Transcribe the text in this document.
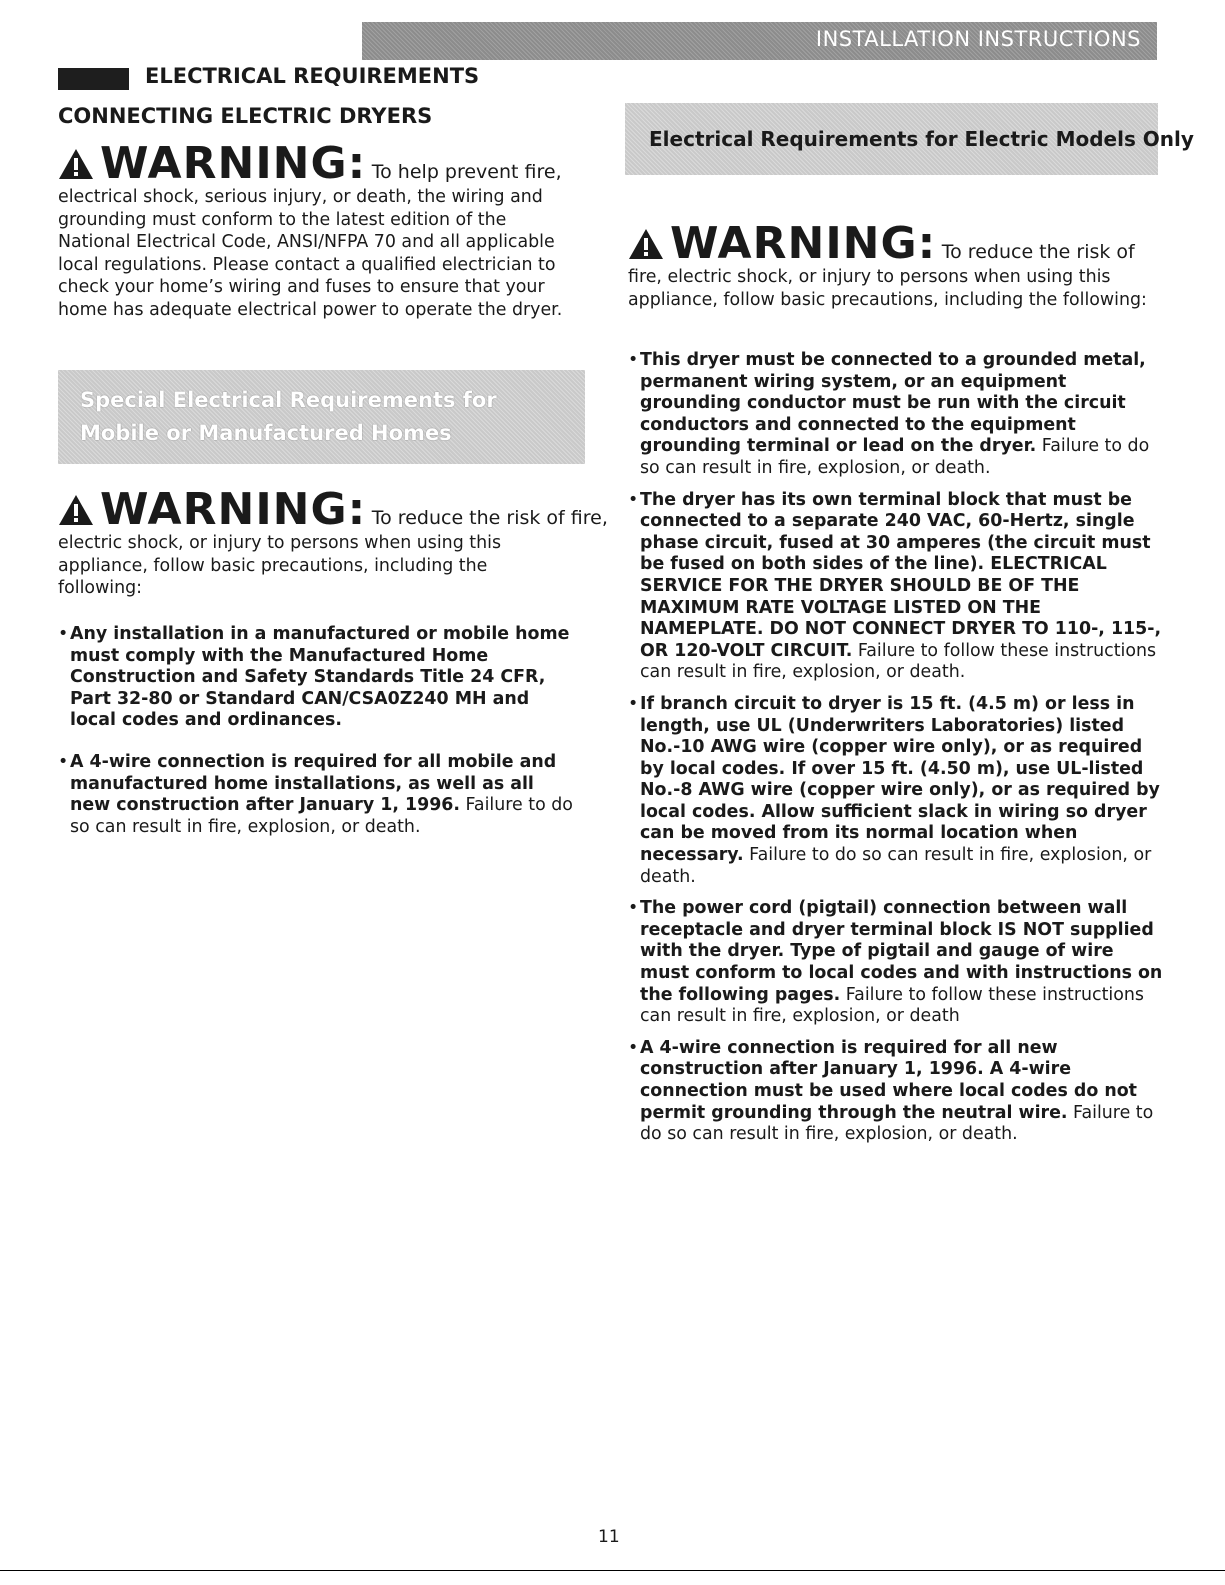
INSTALLATION INSTRUCTIONS
ELECTRICAL REQUIREMENTS
CONNECTING ELECTRIC DRYERS
WARNING: To help prevent fire,
electrical shock, serious injury, or death, the wiring and grounding must conform to the latest edition of the National Electrical Code, ANSI/NFPA 70 and all applicable local regulations. Please contact a qualified electrician to check your home’s wiring and fuses to ensure that your home has adequate electrical power to operate the dryer.
Special Electrical Requirements for Mobile or Manufactured Homes
WARNING: To reduce the risk of fire,
electric shock, or injury to persons when using this appliance, follow basic precautions, including the following:
• Any installation in a manufactured or mobile home must comply with the Manufactured Home Construction and Safety Standards Title 24 CFR, Part 32-80 or Standard CAN/CSA0Z240 MH and local codes and ordinances.
• A 4-wire connection is required for all mobile and manufactured home installations, as well as all new construction after January 1, 1996. Failure to do so can result in fire, explosion, or death.
Electrical Requirements for Electric Models Only
WARNING: To reduce the risk of
fire, electric shock, or injury to persons when using this appliance, follow basic precautions, including the following:
• This dryer must be connected to a grounded metal, permanent wiring system, or an equipment grounding conductor must be run with the circuit conductors and connected to the equipment grounding terminal or lead on the dryer. Failure to do so can result in fire, explosion, or death.
• The dryer has its own terminal block that must be connected to a separate 240 VAC, 60-Hertz, single phase circuit, fused at 30 amperes (the circuit must be fused on both sides of the line). ELECTRICAL SERVICE FOR THE DRYER SHOULD BE OF THE MAXIMUM RATE VOLTAGE LISTED ON THE NAMEPLATE. DO NOT CONNECT DRYER TO 110-, 115-, OR 120-VOLT CIRCUIT. Failure to follow these instructions can result in fire, explosion, or death.
• If branch circuit to dryer is 15 ft. (4.5 m) or less in length, use UL (Underwriters Laboratories) listed No.-10 AWG wire (copper wire only), or as required by local codes. If over 15 ft. (4.50 m), use UL-listed No.-8 AWG wire (copper wire only), or as required by local codes. Allow sufficient slack in wiring so dryer can be moved from its normal location when necessary. Failure to do so can result in fire, explosion, or death.
• The power cord (pigtail) connection between wall receptacle and dryer terminal block IS NOT supplied with the dryer. Type of pigtail and gauge of wire must conform to local codes and with instructions on the following pages. Failure to follow these instructions can result in fire, explosion, or death
• A 4-wire connection is required for all new construction after January 1, 1996. A 4-wire connection must be used where local codes do not permit grounding through the neutral wire. Failure to do so can result in fire, explosion, or death.
11
